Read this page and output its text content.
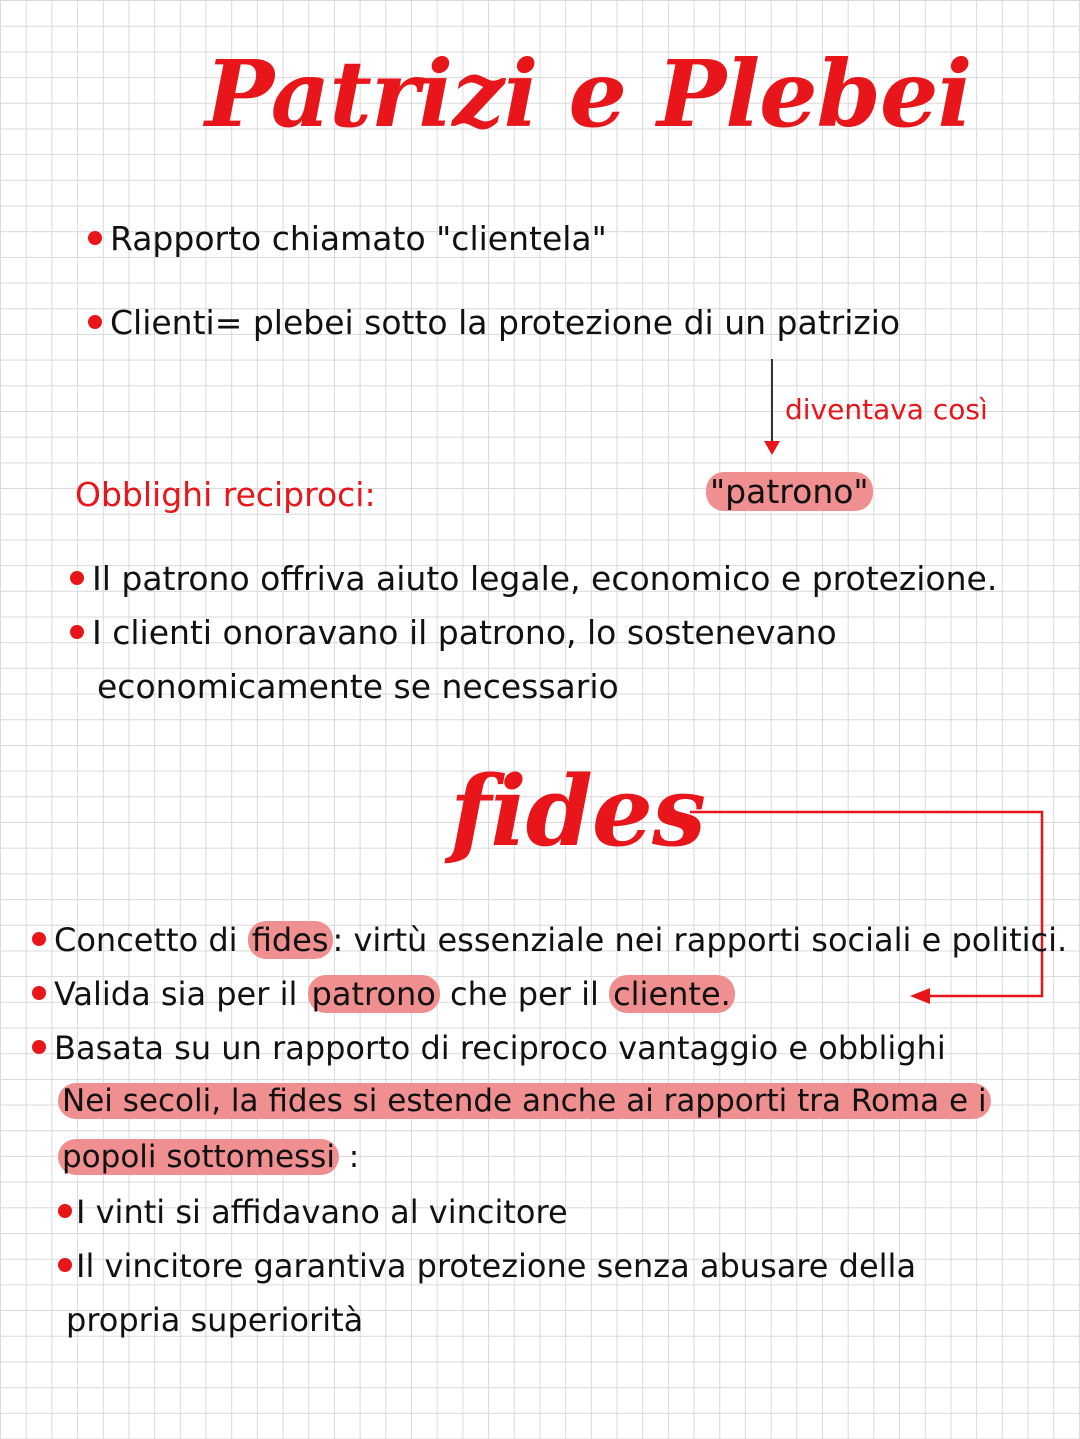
Patrizi e Plebei
Rapporto chiamato "clientela"
Clienti= plebei sotto la protezione di un patrizio
diventava così
Obblighi reciproci:	"patrono"
Il patrono offriva aiuto legale, economico e protezione.
I clienti onoravano il patrono, lo sostenevano
economicamente se necessario
fides
Concetto di fides : virtù essenziale nei rapporti sociali e politici.
Valida sia per il patrono che per il cliente.
Basata su un rapporto di reciproco vantaggio e obblighi
Nei secoli, la fides si estende anche ai rapporti tra Roma e i
popoli sottomessi :
I vinti si affidavano al vincitore
Il vincitore garantiva protezione senza abusare della
propria superiorità
